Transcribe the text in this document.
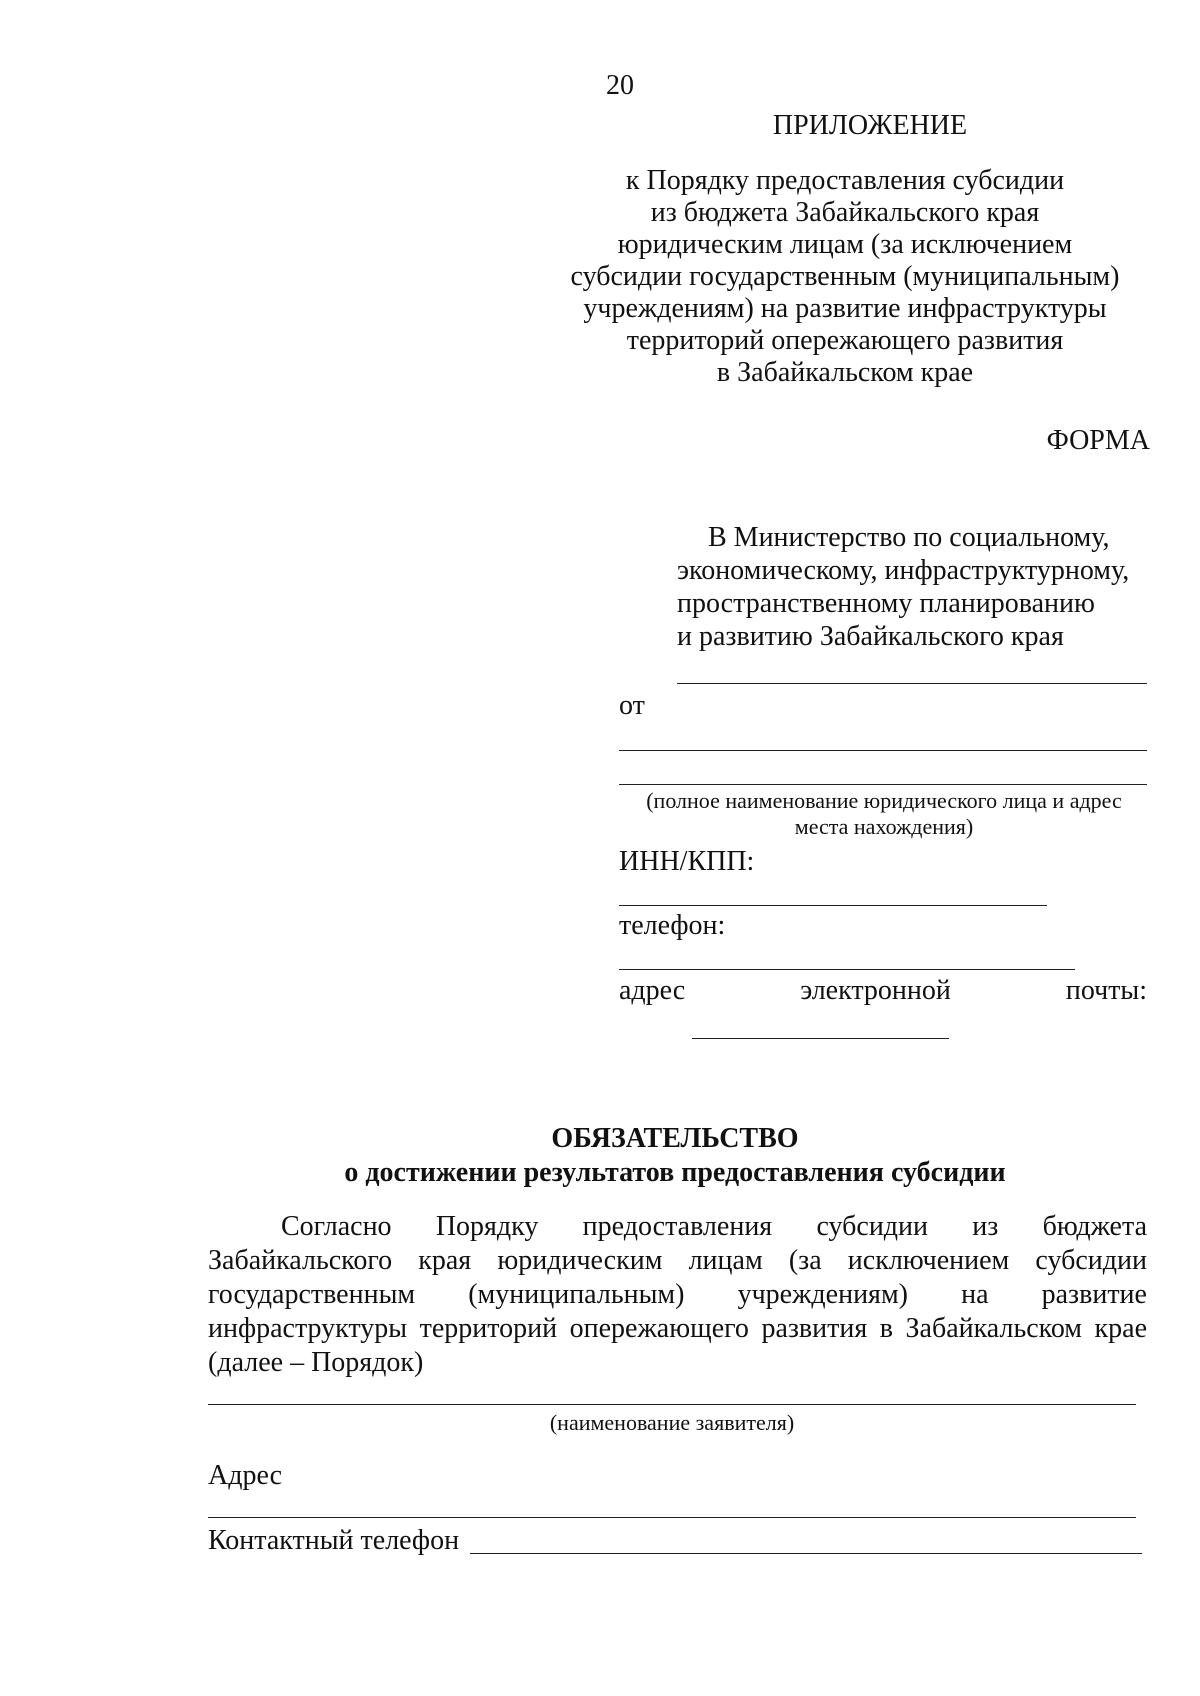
20
ПРИЛОЖЕНИЕ
к Порядку предоставления субсидии
из бюджета Забайкальского края
юридическим лицам (за исключением
субсидии государственным (муниципальным)
учреждениям) на развитие инфраструктуры
территорий опережающего развития
в Забайкальском крае
ФОРМА
В Министерство по социальному,
экономическому, инфраструктурному,
пространственному планированию
и развитию Забайкальского края
от
(полное наименование юридического лица и адрес
места нахождения)
ИНН/КПП:
телефон:
адрес	электронной	почты:
ОБЯЗАТЕЛЬСТВО
о достижении результатов предоставления субсидии
Согласно Порядку предоставления субсидии из бюджета
Забайкальского края юридическим лицам (за исключением субсидии
государственным (муниципальным) учреждениям) на развитие
инфраструктуры территорий опережающего развития в Забайкальском крае
(далее – Порядок)
(наименование заявителя)
Адрес
Контактный телефон
